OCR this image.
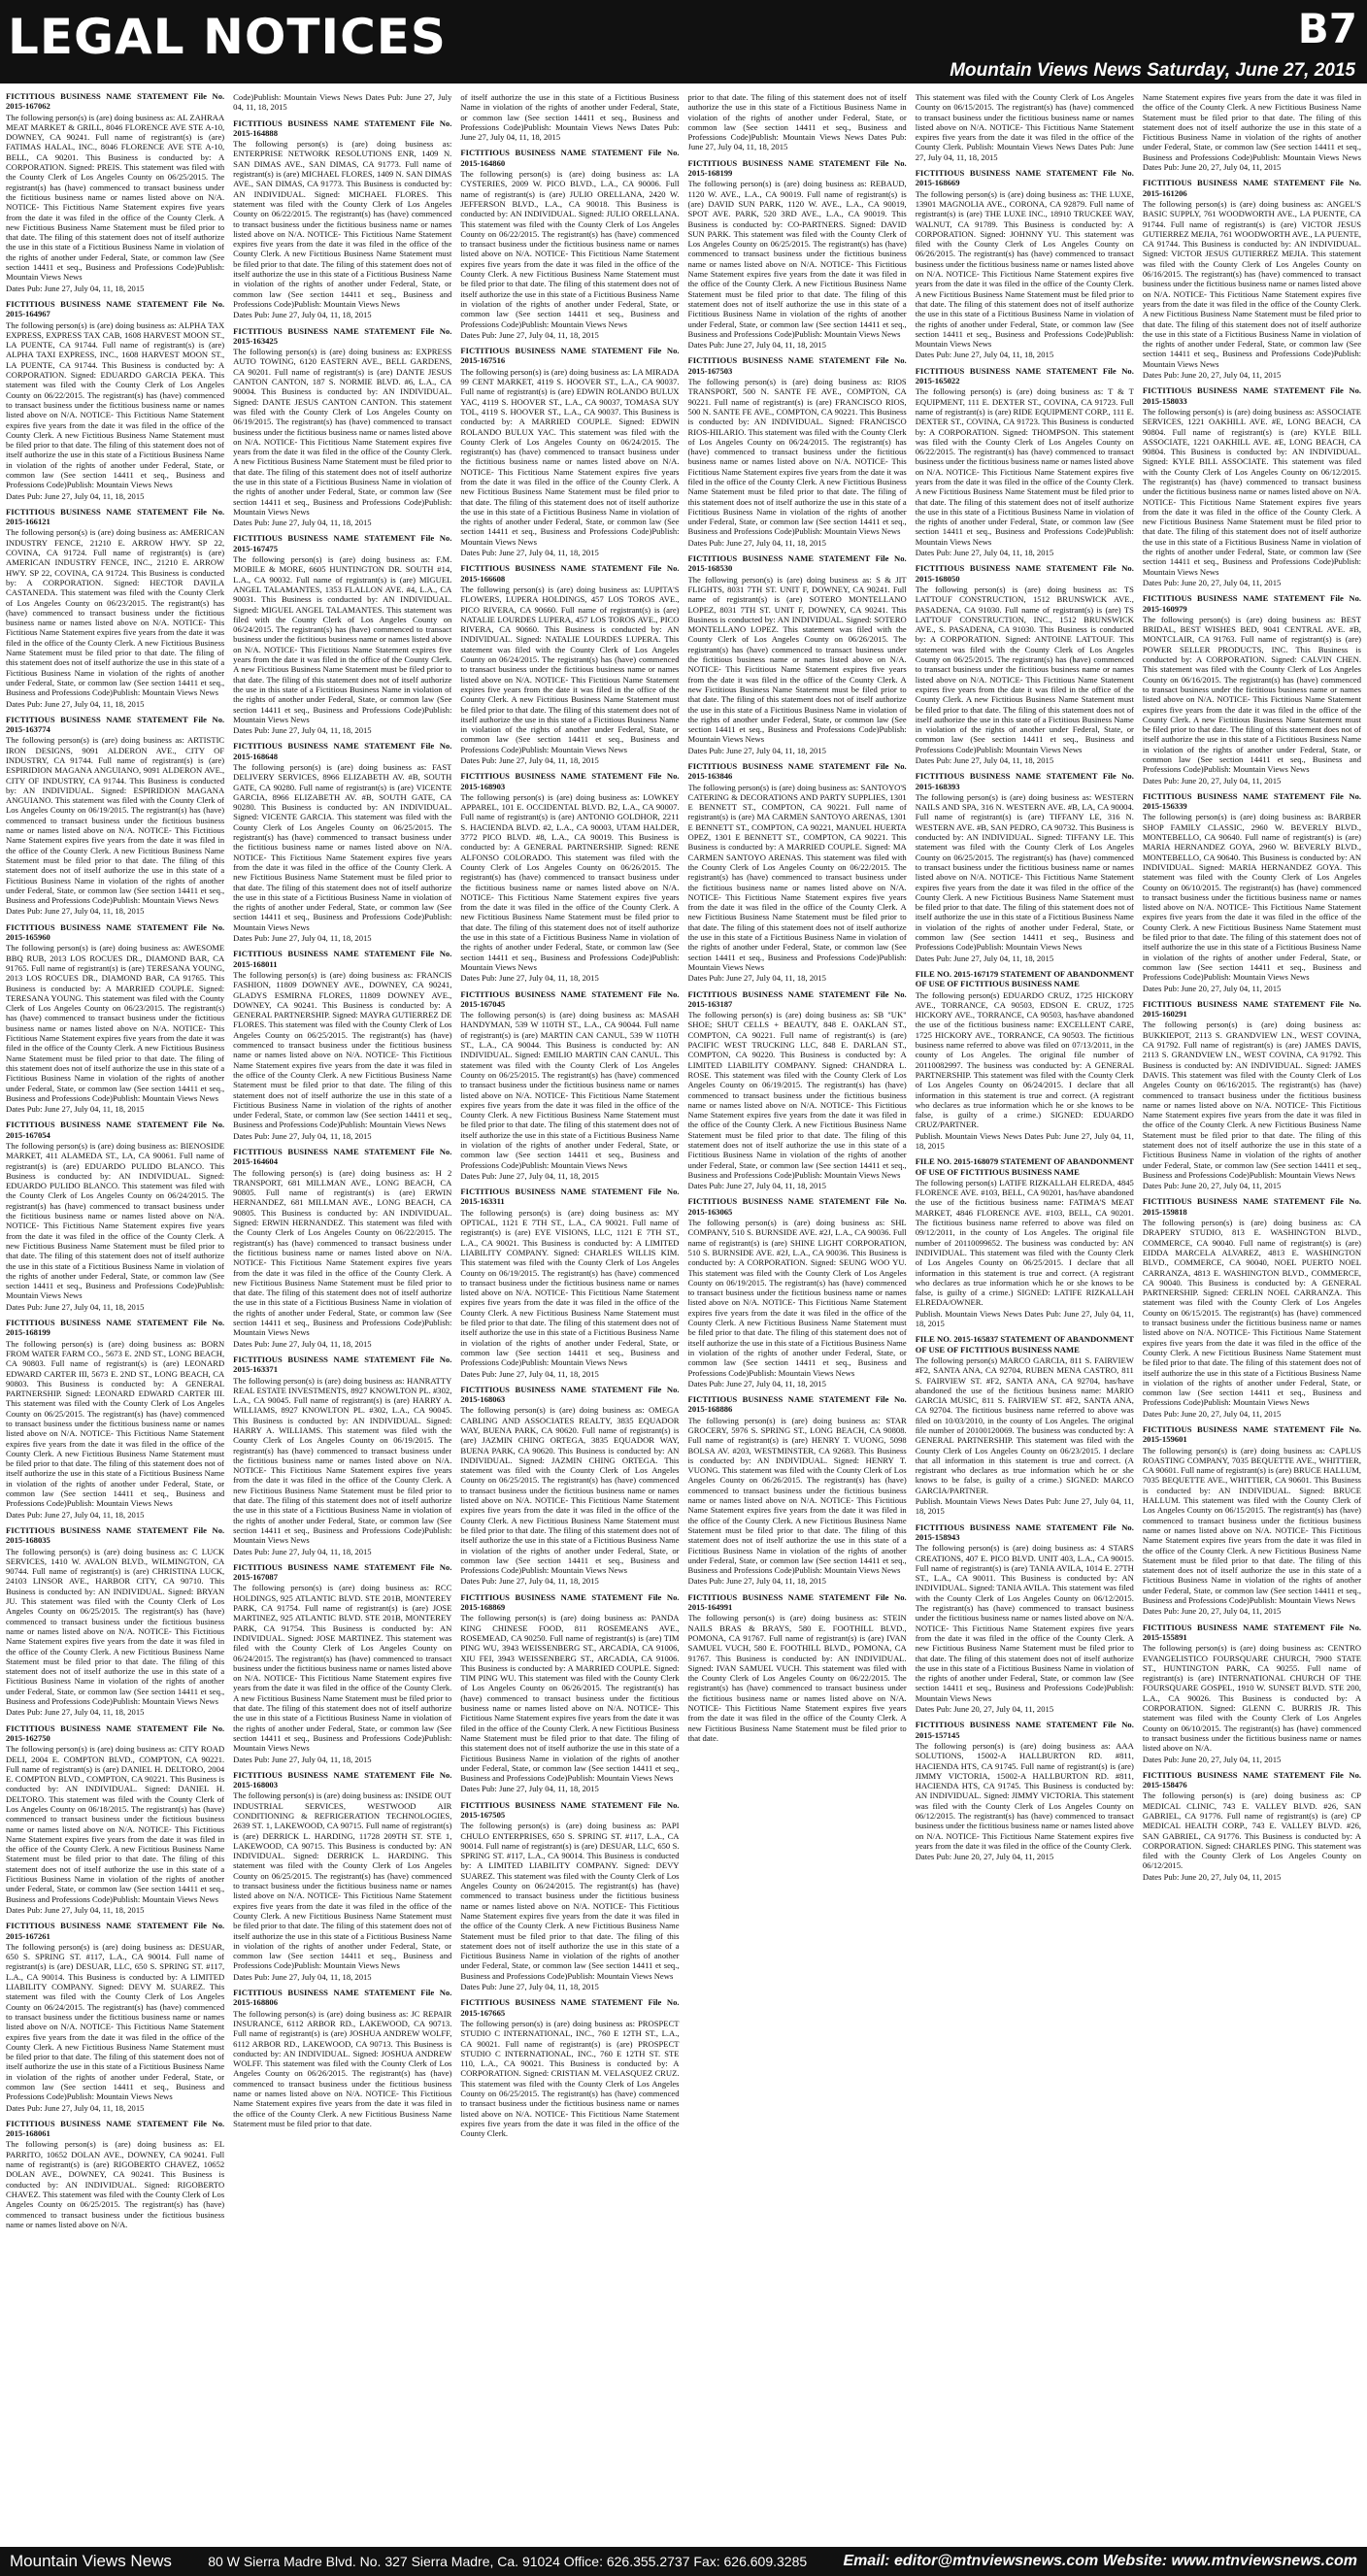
LEGAL NOTICES	B7
Mountain Views News Saturday, June 27, 2015

FICTITIOUS BUSINESS NAME STATEMENT File No. 2015-167062

The following person(s) is (are) doing business as: AL ZAHRAA MEAT MARKET & GRILL, 8046 FLORENCE AVE STE A-10, DOWNEY, CA 90241. Full name of registrant(s) is (are) FATIMAS HALAL, INC., 8046 FLORENCE AVE STE A-10, BELL, CA 90201. This Business is conducted by: A CORPORATION. Signed: PREIS. This statement was filed with the County Clerk of Los Angeles County on 06/25/2015. The registrant(s) has (have) commenced to transact business under the fictitious business name or names listed above on N/A. NOTICE- This Fictitious Name Statement expires five years from the date it was filed in the office of the County Clerk. A new Fictitious Business Name Statement must be filed prior to that date. The filing of this statement does not of itself authorize the use in this state of a Fictitious Business Name in violation of the rights of another under Federal, State, or common law (See section 14411 et seq., Business and Professions Code)Publish: Mountain Views News

Dates Pub: June 27, July 04, 11, 18, 2015

FICTITIOUS BUSINESS NAME STATEMENT File No. 2015-164967

The following person(s) is (are) doing business as: ALPHA TAX EXPRESS, EXPRESS TAX CAB, 1608 HARVEST MOON ST., LA PUENTE, CA 91744. Full name of registrant(s) is (are) ALPHA TAXI EXPRESS, INC., 1608 HARVEST MOON ST., LA PUENTE, CA 91744. This Business is conducted by: A CORPORATION. Signed: EDUARDO GARCIA PEKA. This statement was filed with the County Clerk of Los Angeles County on 06/22/2015. The registrant(s) has (have) commenced to transact business under the fictitious business name or names listed above on N/A. NOTICE- This Fictitious Name Statement expires five years from the date it was filed in the office of the County Clerk. A new Fictitious Business Name Statement must be filed prior to that date. The filing of this statement does not of itself authorize the use in this state of a Fictitious Business Name in violation of the rights of another under Federal, State, or common law (See section 14411 et seq., Business and Professions Code)Publish: Mountain Views News

Dates Pub: June 27, July 04, 11, 18, 2015

FICTITIOUS BUSINESS NAME STATEMENT File No. 2015-166121

The following person(s) is (are) doing business as: AMERICAN INDUSTRY FENCE, 21210 E. ARROW HWY. SP 22, COVINA, CA 91724. Full name of registrant(s) is (are) AMERICAN INDUSTRY FENCE, INC., 21210 E. ARROW HWY. SP 22, COVINA, CA 91724. This Business is conducted by: A CORPORATION. Signed: HECTOR DAVILA CASTANEDA. This statement was filed with the County Clerk of Los Angeles County on 06/23/2015. The registrant(s) has (have) commenced to transact business under the fictitious business name or names listed above on N/A. NOTICE- This Fictitious Name Statement expires five years from the date it was filed in the office of the County Clerk. A new Fictitious Business Name Statement must be filed prior to that date. The filing of this statement does not of itself authorize the use in this state of a Fictitious Business Name in violation of the rights of another under Federal, State, or common law (See section 14411 et seq., Business and Professions Code)Publish: Mountain Views News

Dates Pub: June 27, July 04, 11, 18, 2015

FICTITIOUS BUSINESS NAME STATEMENT File No. 2015-163774

The following person(s) is (are) doing business as: ARTISTIC IRON DESIGNS, 9091 ALDERON AVE., CITY OF INDUSTRY, CA 91744. Full name of registrant(s) is (are) ESPIRIDION MAGANA ANGUIANO, 9091 ALDERON AVE., CITY OF INDUSTRY, CA 91744. This Business is conducted by: AN INDIVIDUAL. Signed: ESPIRIDION MAGANA ANGUIANO. This statement was filed with the County Clerk of Los Angeles County on 06/19/2015. The registrant(s) has (have) commenced to transact business under the fictitious business name or names listed above on N/A. NOTICE- This Fictitious Name Statement expires five years from the date it was filed in the office of the County Clerk. A new Fictitious Business Name Statement must be filed prior to that date. The filing of this statement does not of itself authorize the use in this state of a Fictitious Business Name in violation of the rights of another under Federal, State, or common law (See section 14411 et seq., Business and Professions Code)Publish: Mountain Views News

Dates Pub: June 27, July 04, 11, 18, 2015

FICTITIOUS BUSINESS NAME STATEMENT File No. 2015-165960

The following person(s) is (are) doing business as: AWESOME BBQ RUB, 2013 LOS ROCUES DR., DIAMOND BAR, CA 91765. Full name of registrant(s) is (are) TERESANA YOUNG, 2013 LOS ROCUES DR., DIAMOND BAR, CA 91765. This Business is conducted by: A MARRIED COUPLE. Signed: TERESANA YOUNG. This statement was filed with the County Clerk of Los Angeles County on 06/23/2015. The registrant(s) has (have) commenced to transact business under the fictitious business name or names listed above on N/A. NOTICE- This Fictitious Name Statement expires five years from the date it was filed in the office of the County Clerk. A new Fictitious Business Name Statement must be filed prior to that date. The filing of this statement does not of itself authorize the use in this state of a Fictitious Business Name in violation of the rights of another under Federal, State, or common law (See section 14411 et seq., Business and Professions Code)Publish: Mountain Views News

Dates Pub: June 27, July 04, 11, 18, 2015

FICTITIOUS BUSINESS NAME STATEMENT File No. 2015-167054

The following person(s) is (are) doing business as: BIENOSIDE MARKET, 411 ALAMEDA ST., LA, CA 90061. Full name of registrant(s) is (are) EDUARDO PULIDO BLANCO. This Business is conducted by: AN INDIVIDUAL. Signed: EDUARDO PULIDO BLANCO. This statement was filed with the County Clerk of Los Angeles County on 06/24/2015. The registrant(s) has (have) commenced to transact business under the fictitious business name or names listed above on N/A. NOTICE- This Fictitious Name Statement expires five years from the date it was filed in the office of the County Clerk. A new Fictitious Business Name Statement must be filed prior to that date. The filing of this statement does not of itself authorize the use in this state of a Fictitious Business Name in violation of the rights of another under Federal, State, or common law (See section 14411 et seq., Business and Professions Code)Publish: Mountain Views News

Dates Pub: June 27, July 04, 11, 18, 2015

FICTITIOUS BUSINESS NAME STATEMENT File No. 2015-168199

The following person(s) is (are) doing business as: BORN FROM WATER FARM CO., 5673 E. 2ND ST., LONG BEACH, CA 90803. Full name of registrant(s) is (are) LEONARD EDWARD CARTER III, 5673 E. 2ND ST., LONG BEACH, CA 90803. This Business is conducted by: A GENERAL PARTNERSHIP. Signed: LEONARD EDWARD CARTER III. This statement was filed with the County Clerk of Los Angeles County on 06/25/2015. The registrant(s) has (have) commenced to transact business under the fictitious business name or names listed above on N/A. NOTICE- This Fictitious Name Statement expires five years from the date it was filed in the office of the County Clerk. A new Fictitious Business Name Statement must be filed prior to that date. The filing of this statement does not of itself authorize the use in this state of a Fictitious Business Name in violation of the rights of another under Federal, State, or common law (See section 14411 et seq., Business and Professions Code)Publish: Mountain Views News

Dates Pub: June 27, July 04, 11, 18, 2015

FICTITIOUS BUSINESS NAME STATEMENT File No. 2015-168035

The following person(s) is (are) doing business as: C LUCK SERVICES, 1410 W. AVALON BLVD., WILMINGTON, CA 90744. Full name of registrant(s) is (are) CHRISTINA LUCK, 24103 LINSOR AVE., HARBOR CITY, CA 90710. This Business is conducted by: AN INDIVIDUAL. Signed: BRYAN JU. This statement was filed with the County Clerk of Los Angeles County on 06/25/2015. The registrant(s) has (have) commenced to transact business under the fictitious business name or names listed above on N/A. NOTICE- This Fictitious Name Statement expires five years from the date it was filed in the office of the County Clerk. A new Fictitious Business Name Statement must be filed prior to that date. The filing of this statement does not of itself authorize the use in this state of a Fictitious Business Name in violation of the rights of another under Federal, State, or common law (See section 14411 et seq., Business and Professions Code)Publish: Mountain Views News

Dates Pub: June 27, July 04, 11, 18, 2015

FICTITIOUS BUSINESS NAME STATEMENT File No. 2015-162750

The following person(s) is (are) doing business as: CITY ROAD DELI, 2004 E. COMPTON BLVD., COMPTON, CA 90221. Full name of registrant(s) is (are) DANIEL H. DELTORO, 2004 E. COMPTON BLVD., COMPTON, CA 90221. This Business is conducted by: AN INDIVIDUAL. Signed: DANIEL H. DELTORO. This statement was filed with the County Clerk of Los Angeles County on 06/18/2015. The registrant(s) has (have) commenced to transact business under the fictitious business name or names listed above on N/A. NOTICE- This Fictitious Name Statement expires five years from the date it was filed in the office of the County Clerk. A new Fictitious Business Name Statement must be filed prior to that date. The filing of this statement does not of itself authorize the use in this state of a Fictitious Business Name in violation of the rights of another under Federal, State, or common law (See section 14411 et seq., Business and Professions Code)Publish: Mountain Views News

Dates Pub: June 27, July 04, 11, 18, 2015

FICTITIOUS BUSINESS NAME STATEMENT File No. 2015-167261

The following person(s) is (are) doing business as: DESUAR, 650 S. SPRING ST. #117, L.A., CA 90014. Full name of registrant(s) is (are) DESUAR, LLC, 650 S. SPRING ST. #117, L.A., CA 90014. This Business is conducted by: A LIMITED LIABILITY COMPANY. Signed: DEVY M. SUAREZ. This statement was filed with the County Clerk of Los Angeles County on 06/24/2015. The registrant(s) has (have) commenced to transact business under the fictitious business name or names listed above on N/A. NOTICE- This Fictitious Name Statement expires five years from the date it was filed in the office of the County Clerk. A new Fictitious Business Name Statement must be filed prior to that date. The filing of this statement does not of itself authorize the use in this state of a Fictitious Business Name in violation of the rights of another under Federal, State, or common law (See section 14411 et seq., Business and Professions Code)Publish: Mountain Views News

Dates Pub: June 27, July 04, 11, 18, 2015

FICTITIOUS BUSINESS NAME STATEMENT File No. 2015-168061

The following person(s) is (are) doing business as: EL PARRITO, 10652 DOLAN AVE., DOWNEY, CA 90241. Full name of registrant(s) is (are) RIGOBERTO CHAVEZ, 10652 DOLAN AVE., DOWNEY, CA 90241. This Business is conducted by: AN INDIVIDUAL. Signed: RIGOBERTO CHAVEZ. This statement was filed with the County Clerk of Los Angeles County on 06/25/2015. The registrant(s) has (have) commenced to transact business under the fictitious business name or names listed above on N/A.

Code)Publish: Mountain Views News Dates Pub: June 27, July 04, 11, 18, 2015

FICTITIOUS BUSINESS NAME STATEMENT File No. 2015-164888

The following person(s) is (are) doing business as: ENTERPRISE NETWORK RESOLUTIONS ENR, 1409 N. SAN DIMAS AVE., SAN DIMAS, CA 91773. Full name of registrant(s) is (are) MICHAEL FLORES, 1409 N. SAN DIMAS AVE., SAN DIMAS, CA 91773. This Business is conducted by: AN INDIVIDUAL. Signed: MICHAEL FLORES. This statement was filed with the County Clerk of Los Angeles County on 06/22/2015. The registrant(s) has (have) commenced to transact business under the fictitious business name or names listed above on N/A. NOTICE- This Fictitious Name Statement expires five years from the date it was filed in the office of the County Clerk. A new Fictitious Business Name Statement must be filed prior to that date. The filing of this statement does not of itself authorize the use in this state of a Fictitious Business Name in violation of the rights of another under Federal, State, or common law (See section 14411 et seq., Business and Professions Code)Publish: Mountain Views News

Dates Pub: June 27, July 04, 11, 18, 2015

FICTITIOUS BUSINESS NAME STATEMENT File No. 2015-163425

The following person(s) is (are) doing business as: EXPRESS AUTO TOWING, 6120 EASTERN AVE., BELL GARDENS, CA 90201. Full name of registrant(s) is (are) DANTE JESUS CANTON CANTON, 187 S. NORMIE BLVD. #6, L.A., CA 90004. This Business is conducted by: AN INDIVIDUAL. Signed: DANTE JESUS CANTON CANTON. This statement was filed with the County Clerk of Los Angeles County on 06/19/2015. The registrant(s) has (have) commenced to transact business under the fictitious business name or names listed above on N/A. NOTICE- This Fictitious Name Statement expires five years from the date it was filed in the office of the County Clerk. A new Fictitious Business Name Statement must be filed prior to that date. The filing of this statement does not of itself authorize the use in this state of a Fictitious Business Name in violation of the rights of another under Federal, State, or common law (See section 14411 et seq., Business and Professions Code)Publish: Mountain Views News

Dates Pub: June 27, July 04, 11, 18, 2015

FICTITIOUS BUSINESS NAME STATEMENT File No. 2015-167475

The following person(s) is (are) doing business as: F.M. MOBILE & MORE, 6605 HUNTINGTON DR. SOUTH #14, L.A., CA 90032. Full name of registrant(s) is (are) MIGUEL ANGEL TALAMANTES, 1353 FLALLON AVE. #4, L.A., CA 90031. This Business is conducted by: AN INDIVIDUAL. Signed: MIGUEL ANGEL TALAMANTES. This statement was filed with the County Clerk of Los Angeles County on 06/24/2015. The registrant(s) has (have) commenced to transact business under the fictitious business name or names listed above on N/A. NOTICE- This Fictitious Name Statement expires five years from the date it was filed in the office of the County Clerk. A new Fictitious Business Name Statement must be filed prior to that date. The filing of this statement does not of itself authorize the use in this state of a Fictitious Business Name in violation of the rights of another under Federal, State, or common law (See section 14411 et seq., Business and Professions Code)Publish: Mountain Views News

Dates Pub: June 27, July 04, 11, 18, 2015

FICTITIOUS BUSINESS NAME STATEMENT File No. 2015-168648

The following person(s) is (are) doing business as: FAST DELIVERY SERVICES, 8966 ELIZABETH AV. #B, SOUTH GATE, CA 90280. Full name of registrant(s) is (are) VICENTE GARCIA, 8966 ELIZABETH AV. #B, SOUTH GATE, CA 90280. This Business is conducted by: AN INDIVIDUAL. Signed: VICENTE GARCIA. This statement was filed with the County Clerk of Los Angeles County on 06/25/2015. The registrant(s) has (have) commenced to transact business under the fictitious business name or names listed above on N/A. NOTICE- This Fictitious Name Statement expires five years from the date it was filed in the office of the County Clerk. A new Fictitious Business Name Statement must be filed prior to that date. The filing of this statement does not of itself authorize the use in this state of a Fictitious Business Name in violation of the rights of another under Federal, State, or common law (See section 14411 et seq., Business and Professions Code)Publish: Mountain Views News

Dates Pub: June 27, July 04, 11, 18, 2015

FICTITIOUS BUSINESS NAME STATEMENT File No. 2015-168011

The following person(s) is (are) doing business as: FRANCIS FASHION, 11809 DOWNEY AVE., DOWNEY, CA 90241, GLADYS ESMIRNA FLORES, 11809 DOWNEY AVE., DOWNEY, CA 90241. This Business is conducted by: A GENERAL PARTNERSHIP. Signed: MAYRA GUTIERREZ DE FLORES. This statement was filed with the County Clerk of Los Angeles County on 06/25/2015. The registrant(s) has (have) commenced to transact business under the fictitious business name or names listed above on N/A. NOTICE- This Fictitious Name Statement expires five years from the date it was filed in the office of the County Clerk. A new Fictitious Business Name Statement must be filed prior to that date. The filing of this statement does not of itself authorize the use in this state of a Fictitious Business Name in violation of the rights of another under Federal, State, or common law (See section 14411 et seq., Business and Professions Code)Publish: Mountain Views News

Dates Pub: June 27, July 04, 11, 18, 2015

FICTITIOUS BUSINESS NAME STATEMENT File No. 2015-164604

The following person(s) is (are) doing business as: H 2 TRANSPORT, 681 MILLMAN AVE., LONG BEACH, CA 90805. Full name of registrant(s) is (are) ERWIN HERNANDEZ, 681 MILLMAN AVE., LONG BEACH, CA 90805. This Business is conducted by: AN INDIVIDUAL. Signed: ERWIN HERNANDEZ. This statement was filed with the County Clerk of Los Angeles County on 06/22/2015. The registrant(s) has (have) commenced to transact business under the fictitious business name or names listed above on N/A. NOTICE- This Fictitious Name Statement expires five years from the date it was filed in the office of the County Clerk. A new Fictitious Business Name Statement must be filed prior to that date. The filing of this statement does not of itself authorize the use in this state of a Fictitious Business Name in violation of the rights of another under Federal, State, or common law (See section 14411 et seq., Business and Professions Code)Publish: Mountain Views News

Dates Pub: June 27, July 04, 11, 18, 2015

FICTITIOUS BUSINESS NAME STATEMENT File No. 2015-163371

The following person(s) is (are) doing business as: HANRATTY REAL ESTATE INVESTMENTS, 8927 KNOWLTON PL. #302, L.A., CA 90045. Full name of registrant(s) is (are) HARRY A. WILLIAMS, 8927 KNOWLTON PL. #302, L.A., CA 90045. This Business is conducted by: AN INDIVIDUAL. Signed: HARRY A. WILLIAMS. This statement was filed with the County Clerk of Los Angeles County on 06/19/2015. The registrant(s) has (have) commenced to transact business under the fictitious business name or names listed above on N/A. NOTICE- This Fictitious Name Statement expires five years from the date it was filed in the office of the County Clerk. A new Fictitious Business Name Statement must be filed prior to that date. The filing of this statement does not of itself authorize the use in this state of a Fictitious Business Name in violation of the rights of another under Federal, State, or common law (See section 14411 et seq., Business and Professions Code)Publish: Mountain Views News

Dates Pub: June 27, July 04, 11, 18, 2015

FICTITIOUS BUSINESS NAME STATEMENT File No. 2015-167087

The following person(s) is (are) doing business as: RCC HOLDINGS, 925 ATLANTIC BLVD. STE 201B, MONTEREY PARK, CA 91754. Full name of registrant(s) is (are) JOSE MARTINEZ, 925 ATLANTIC BLVD. STE 201B, MONTEREY PARK, CA 91754. This Business is conducted by: AN INDIVIDUAL. Signed: JOSE MARTINEZ. This statement was filed with the County Clerk of Los Angeles County on 06/24/2015. The registrant(s) has (have) commenced to transact business under the fictitious business name or names listed above on N/A. NOTICE- This Fictitious Name Statement expires five years from the date it was filed in the office of the County Clerk. A new Fictitious Business Name Statement must be filed prior to that date. The filing of this statement does not of itself authorize the use in this state of a Fictitious Business Name in violation of the rights of another under Federal, State, or common law (See section 14411 et seq., Business and Professions Code)Publish: Mountain Views News

Dates Pub: June 27, July 04, 11, 18, 2015

FICTITIOUS BUSINESS NAME STATEMENT File No. 2015-168003

The following person(s) is (are) doing business as: INSIDE OUT INDUSTRIAL SERVICES, WESTWOOD AIR CONDITIONING & REFRIGERATION TECHNOLOGIES, 2639 ST. 1, LAKEWOOD, CA 90715. Full name of registrant(s) is (are) DERRICK L. HARDING, 11728 209TH ST. STE 1, LAKEWOOD, CA 90715. This Business is conducted by: AN INDIVIDUAL. Signed: DERRICK L. HARDING. This statement was filed with the County Clerk of Los Angeles County on 06/25/2015. The registrant(s) has (have) commenced to transact business under the fictitious business name or names listed above on N/A. NOTICE- This Fictitious Name Statement expires five years from the date it was filed in the office of the County Clerk. A new Fictitious Business Name Statement must be filed prior to that date. The filing of this statement does not of itself authorize the use in this state of a Fictitious Business Name in violation of the rights of another under Federal, State, or common law (See section 14411 et seq., Business and Professions Code)Publish: Mountain Views News

Dates Pub: June 27, July 04, 11, 18, 2015

FICTITIOUS BUSINESS NAME STATEMENT File No. 2015-168806

The following person(s) is (are) doing business as: JC REPAIR INSURANCE, 6112 ARBOR RD., LAKEWOOD, CA 90713. Full name of registrant(s) is (are) JOSHUA ANDREW WOLFF, 6112 ARBOR RD., LAKEWOOD, CA 90713. This Business is conducted by: AN INDIVIDUAL. Signed: JOSHUA ANDREW WOLFF. This statement was filed with the County Clerk of Los Angeles County on 06/26/2015. The registrant(s) has (have) commenced to transact business under the fictitious business name or names listed above on N/A. NOTICE- This Fictitious Name Statement expires five years from the date it was filed in the office of the County Clerk. A new Fictitious Business Name Statement must be filed prior to that date.

of itself authorize the use in this state of a Fictitious Business Name in violation of the rights of another under Federal, State, or common law (See section 14411 et seq., Business and Professions Code)Publish: Mountain Views News Dates Pub: June 27, July 04, 11, 18, 2015

FICTITIOUS BUSINESS NAME STATEMENT File No. 2015-164860

The following person(s) is (are) doing business as: LA CYSTERIES, 2009 W. PICO BLVD., L.A., CA 90006. Full name of registrant(s) is (are) JULIO ORELLANA, 2420 W. JEFFERSON BLVD., L.A., CA 90018. This Business is conducted by: AN INDIVIDUAL. Signed: JULIO ORELLANA. This statement was filed with the County Clerk of Los Angeles County on 06/22/2015. The registrant(s) has (have) commenced to transact business under the fictitious business name or names listed above on N/A. NOTICE- This Fictitious Name Statement expires five years from the date it was filed in the office of the County Clerk. A new Fictitious Business Name Statement must be filed prior to that date. The filing of this statement does not of itself authorize the use in this state of a Fictitious Business Name in violation of the rights of another under Federal, State, or common law (See section 14411 et seq., Business and Professions Code)Publish: Mountain Views News

Dates Pub: June 27, July 04, 11, 18, 2015

FICTITIOUS BUSINESS NAME STATEMENT File No. 2015-167516

The following person(s) is (are) doing business as: LA MIRADA 99 CENT MARKET, 4119 S. HOOVER ST., L.A., CA 90037. Full name of registrant(s) is (are) EDWIN ROLANDO BULUX YAC, 4119 S. HOOVER ST., L.A., CA 90037, TOMASA SUY TOL, 4119 S. HOOVER ST., L.A., CA 90037. This Business is conducted by: A MARRIED COUPLE. Signed: EDWIN ROLANDO BULUX YAC. This statement was filed with the County Clerk of Los Angeles County on 06/24/2015. The registrant(s) has (have) commenced to transact business under the fictitious business name or names listed above on N/A. NOTICE- This Fictitious Name Statement expires five years from the date it was filed in the office of the County Clerk. A new Fictitious Business Name Statement must be filed prior to that date. The filing of this statement does not of itself authorize the use in this state of a Fictitious Business Name in violation of the rights of another under Federal, State, or common law (See section 14411 et seq., Business and Professions Code)Publish: Mountain Views News

Dates Pub: June 27, July 04, 11, 18, 2015

FICTITIOUS BUSINESS NAME STATEMENT File No. 2015-166608

The following person(s) is (are) doing business as: LUPITA'S FLOWERS, LUPERA HOLDINGS, 457 LOS TOROS AVE., PICO RIVERA, CA 90660. Full name of registrant(s) is (are) NATALIE LOURDES LUPERA, 457 LOS TOROS AVE., PICO RIVERA, CA 90660. This Business is conducted by: AN INDIVIDUAL. Signed: NATALIE LOURDES LUPERA. This statement was filed with the County Clerk of Los Angeles County on 06/24/2015. The registrant(s) has (have) commenced to transact business under the fictitious business name or names listed above on N/A. NOTICE- This Fictitious Name Statement expires five years from the date it was filed in the office of the County Clerk. A new Fictitious Business Name Statement must be filed prior to that date. The filing of this statement does not of itself authorize the use in this state of a Fictitious Business Name in violation of the rights of another under Federal, State, or common law (See section 14411 et seq., Business and Professions Code)Publish: Mountain Views News

Dates Pub: June 27, July 04, 11, 18, 2015

FICTITIOUS BUSINESS NAME STATEMENT File No. 2015-168903

The following person(s) is (are) doing business as: LOWKEY APPAREL, 101 E. OCCIDENTAL BLVD. B2, L.A., CA 90007. Full name of registrant(s) is (are) ANTONIO GOLDHOR, 2211 S. HACIENDA BLVD. #2, L.A., CA 90003, UTAM HALDER, 3772 PICO BLVD. #8, L.A., CA 90019. This Business is conducted by: A GENERAL PARTNERSHIP. Signed: RENE ALFONSO COLORADO. This statement was filed with the County Clerk of Los Angeles County on 06/26/2015. The registrant(s) has (have) commenced to transact business under the fictitious business name or names listed above on N/A. NOTICE- This Fictitious Name Statement expires five years from the date it was filed in the office of the County Clerk. A new Fictitious Business Name Statement must be filed prior to that date. The filing of this statement does not of itself authorize the use in this state of a Fictitious Business Name in violation of the rights of another under Federal, State, or common law (See section 14411 et seq., Business and Professions Code)Publish: Mountain Views News

Dates Pub: June 27, July 04, 11, 18, 2015

FICTITIOUS BUSINESS NAME STATEMENT File No. 2015-167045

The following person(s) is (are) doing business as: MASAH HANDYMAN, 539 W 110TH ST., L.A., CA 90044. Full name of registrant(s) is (are) MARTIN CAN CANUL, 539 W 110TH ST., L.A., CA 90044. This Business is conducted by: AN INDIVIDUAL. Signed: EMILIO MARTIN CAN CANUL. This statement was filed with the County Clerk of Los Angeles County on 06/25/2015. The registrant(s) has (have) commenced to transact business under the fictitious business name or names listed above on N/A. NOTICE- This Fictitious Name Statement expires five years from the date it was filed in the office of the County Clerk. A new Fictitious Business Name Statement must be filed prior to that date. The filing of this statement does not of itself authorize the use in this state of a Fictitious Business Name in violation of the rights of another under Federal, State, or common law (See section 14411 et seq., Business and Professions Code)Publish: Mountain Views News

Dates Pub: June 27, July 04, 11, 18, 2015

FICTITIOUS BUSINESS NAME STATEMENT File No. 2015-163311

The following person(s) is (are) doing business as: MY OPTICAL, 1121 E 7TH ST., L.A., CA 90021. Full name of registrant(s) is (are) EYE VISIONS, LLC, 1121 E 7TH ST., L.A., CA 90021. This Business is conducted by: A LIMITED LIABILITY COMPANY. Signed: CHARLES WILLIS KIM. This statement was filed with the County Clerk of Los Angeles County on 06/19/2015. The registrant(s) has (have) commenced to transact business under the fictitious business name or names listed above on N/A. NOTICE- This Fictitious Name Statement expires five years from the date it was filed in the office of the County Clerk. A new Fictitious Business Name Statement must be filed prior to that date. The filing of this statement does not of itself authorize the use in this state of a Fictitious Business Name in violation of the rights of another under Federal, State, or common law (See section 14411 et seq., Business and Professions Code)Publish: Mountain Views News

Dates Pub: June 27, July 04, 11, 18, 2015

FICTITIOUS BUSINESS NAME STATEMENT File No. 2015-168063

The following person(s) is (are) doing business as: OMEGA CABLING AND ASSOCIATES REALTY, 3835 EQUADOR WAY, BUENA PARK, CA 90620. Full name of registrant(s) is (are) JAZMIN CHING ORTEGA, 3835 EQUADOR WAY, BUENA PARK, CA 90620. This Business is conducted by: AN INDIVIDUAL. Signed: JAZMIN CHING ORTEGA. This statement was filed with the County Clerk of Los Angeles County on 06/25/2015. The registrant(s) has (have) commenced to transact business under the fictitious business name or names listed above on N/A. NOTICE- This Fictitious Name Statement expires five years from the date it was filed in the office of the County Clerk. A new Fictitious Business Name Statement must be filed prior to that date. The filing of this statement does not of itself authorize the use in this state of a Fictitious Business Name in violation of the rights of another under Federal, State, or common law (See section 14411 et seq., Business and Professions Code)Publish: Mountain Views News

Dates Pub: June 27, July 04, 11, 18, 2015

FICTITIOUS BUSINESS NAME STATEMENT File No. 2015-168869

The following person(s) is (are) doing business as: PANDA KING CHINESE FOOD, 811 ROSEMEANS AVE., ROSEMEAD, CA 90250. Full name of registrant(s) is (are) TIM PING WU, 3943 WEISSENBERG ST., ARCADIA, CA 91006, XIU FEI, 3943 WEISSENBERG ST., ARCADIA, CA 91006. This Business is conducted by: A MARRIED COUPLE. Signed: TIM PING WU. This statement was filed with the County Clerk of Los Angeles County on 06/26/2015. The registrant(s) has (have) commenced to transact business under the fictitious business name or names listed above on N/A. NOTICE- This Fictitious Name Statement expires five years from the date it was filed in the office of the County Clerk. A new Fictitious Business Name Statement must be filed prior to that date. The filing of this statement does not of itself authorize the use in this state of a Fictitious Business Name in violation of the rights of another under Federal, State, or common law (See section 14411 et seq., Business and Professions Code)Publish: Mountain Views News

Dates Pub: June 27, July 04, 11, 18, 2015

FICTITIOUS BUSINESS NAME STATEMENT File No. 2015-167505

The following person(s) is (are) doing business as: PAPI CHULO ENTERPRISES, 650 S. SPRING ST. #117, L.A., CA 90014. Full name of registrant(s) is (are) DESUAR, LLC, 650 S. SPRING ST. #117, L.A., CA 90014. This Business is conducted by: A LIMITED LIABILITY COMPANY. Signed: DEVY SUAREZ. This statement was filed with the County Clerk of Los Angeles County on 06/24/2015. The registrant(s) has (have) commenced to transact business under the fictitious business name or names listed above on N/A. NOTICE- This Fictitious Name Statement expires five years from the date it was filed in the office of the County Clerk. A new Fictitious Business Name Statement must be filed prior to that date. The filing of this statement does not of itself authorize the use in this state of a Fictitious Business Name in violation of the rights of another under Federal, State, or common law (See section 14411 et seq., Business and Professions Code)Publish: Mountain Views News

Dates Pub: June 27, July 04, 11, 18, 2015

FICTITIOUS BUSINESS NAME STATEMENT File No. 2015-167665

The following person(s) is (are) doing business as: PROSPECT STUDIO C INTERNATIONAL, INC., 760 E 12TH ST., L.A., CA 90021. Full name of registrant(s) is (are) PROSPECT STUDIO C INTERNATIONAL, INC., 760 E 12TH ST. STE 110, L.A., CA 90021. This Business is conducted by: A CORPORATION. Signed: CRISTIAN M. VELASQUEZ CRUZ. This statement was filed with the County Clerk of Los Angeles County on 06/25/2015. The registrant(s) has (have) commenced to transact business under the fictitious business name or names listed above on N/A. NOTICE- This Fictitious Name Statement expires five years from the date it was filed in the office of the County Clerk.

prior to that date. The filing of this statement does not of itself authorize the use in this state of a Fictitious Business Name in violation of the rights of another under Federal, State, or common law (See section 14411 et seq., Business and Professions Code)Publish: Mountain Views News Dates Pub: June 27, July 04, 11, 18, 2015

FICTITIOUS BUSINESS NAME STATEMENT File No. 2015-168199

The following person(s) is (are) doing business as: REBAUD, 1120 W. AVE., L.A., CA 90019. Full name of registrant(s) is (are) DAVID SUN PARK, 1120 W. AVE., L.A., CA 90019, SPOT AVE. PARK, 520 3RD AVE., L.A., CA 90019. This Business is conducted by: CO-PARTNERS. Signed: DAVID SUN PARK. This statement was filed with the County Clerk of Los Angeles County on 06/25/2015. The registrant(s) has (have) commenced to transact business under the fictitious business name or names listed above on N/A. NOTICE- This Fictitious Name Statement expires five years from the date it was filed in the office of the County Clerk. A new Fictitious Business Name Statement must be filed prior to that date. The filing of this statement does not of itself authorize the use in this state of a Fictitious Business Name in violation of the rights of another under Federal, State, or common law (See section 14411 et seq., Business and Professions Code)Publish: Mountain Views News

Dates Pub: June 27, July 04, 11, 18, 2015

FICTITIOUS BUSINESS NAME STATEMENT File No. 2015-167503

The following person(s) is (are) doing business as: RIOS TRANSPORT, 500 N. SANTE FE AVE., COMPTON, CA 90221. Full name of registrant(s) is (are) FRANCISCO RIOS, 500 N. SANTE FE AVE., COMPTON, CA 90221. This Business is conducted by: AN INDIVIDUAL. Signed: FRANCISCO RIOS-HILARIO. This statement was filed with the County Clerk of Los Angeles County on 06/24/2015. The registrant(s) has (have) commenced to transact business under the fictitious business name or names listed above on N/A. NOTICE- This Fictitious Name Statement expires five years from the date it was filed in the office of the County Clerk. A new Fictitious Business Name Statement must be filed prior to that date. The filing of this statement does not of itself authorize the use in this state of a Fictitious Business Name in violation of the rights of another under Federal, State, or common law (See section 14411 et seq., Business and Professions Code)Publish: Mountain Views News

Dates Pub: June 27, July 04, 11, 18, 2015

FICTITIOUS BUSINESS NAME STATEMENT File No. 2015-168530

The following person(s) is (are) doing business as: S & JIT FLIGHTS, 8031 7TH ST. UNIT F, DOWNEY, CA 90241. Full name of registrant(s) is (are) SOTERO MONTELLANO LOPEZ, 8031 7TH ST. UNIT F, DOWNEY, CA 90241. This Business is conducted by: AN INDIVIDUAL. Signed: SOTERO MONTELLANO LOPEZ. This statement was filed with the County Clerk of Los Angeles County on 06/26/2015. The registrant(s) has (have) commenced to transact business under the fictitious business name or names listed above on N/A. NOTICE- This Fictitious Name Statement expires five years from the date it was filed in the office of the County Clerk. A new Fictitious Business Name Statement must be filed prior to that date. The filing of this statement does not of itself authorize the use in this state of a Fictitious Business Name in violation of the rights of another under Federal, State, or common law (See section 14411 et seq., Business and Professions Code)Publish: Mountain Views News

Dates Pub: June 27, July 04, 11, 18, 2015

FICTITIOUS BUSINESS NAME STATEMENT File No. 2015-163846

The following person(s) is (are) doing business as: SANTOYO'S CATERING & DECORATIONS AND PARTY SUPPLIES, 1301 E BENNETT ST., COMPTON, CA 90221. Full name of registrant(s) is (are) MA CARMEN SANTOYO ARENAS, 1301 E BENNETT ST., COMPTON, CA 90221, MANUEL HUERTA OPEZ, 1301 E BENNETT ST., COMPTON, CA 90221. This Business is conducted by: A MARRIED COUPLE. Signed: MA CARMEN SANTOYO ARENAS. This statement was filed with the County Clerk of Los Angeles County on 06/22/2015. The registrant(s) has (have) commenced to transact business under the fictitious business name or names listed above on N/A. NOTICE- This Fictitious Name Statement expires five years from the date it was filed in the office of the County Clerk. A new Fictitious Business Name Statement must be filed prior to that date. The filing of this statement does not of itself authorize the use in this state of a Fictitious Business Name in violation of the rights of another under Federal, State, or common law (See section 14411 et seq., Business and Professions Code)Publish: Mountain Views News

Dates Pub: June 27, July 04, 11, 18, 2015

FICTITIOUS BUSINESS NAME STATEMENT File No. 2015-163187

The following person(s) is (are) doing business as: SB "UK" SHOE; SHUT CELLS + BEAUTY, 848 E. OAKLAN ST., COMPTON, CA 90221. Full name of registrant(s) is (are) PACIFIC WEST TRUCKING LLC, 848 E. DARLAN ST., COMPTON, CA 90220. This Business is conducted by: A LIMITED LIABILITY COMPANY. Signed: CHANDRA L. ROSE. This statement was filed with the County Clerk of Los Angeles County on 06/19/2015. The registrant(s) has (have) commenced to transact business under the fictitious business name or names listed above on N/A. NOTICE- This Fictitious Name Statement expires five years from the date it was filed in the office of the County Clerk. A new Fictitious Business Name Statement must be filed prior to that date. The filing of this statement does not of itself authorize the use in this state of a Fictitious Business Name in violation of the rights of another under Federal, State, or common law (See section 14411 et seq., Business and Professions Code)Publish: Mountain Views News

Dates Pub: June 27, July 04, 11, 18, 2015

FICTITIOUS BUSINESS NAME STATEMENT File No. 2015-163065

The following person(s) is (are) doing business as: SHL COMPANY, 510 S. BURNSIDE AVE. #2J, L.A., CA 90036. Full name of registrant(s) is (are) SHINE LIGHT CORPORATION, 510 S. BURNSIDE AVE. #2J, L.A., CA 90036. This Business is conducted by: A CORPORATION. Signed: SEUNG WOO YU. This statement was filed with the County Clerk of Los Angeles County on 06/19/2015. The registrant(s) has (have) commenced to transact business under the fictitious business name or names listed above on N/A. NOTICE- This Fictitious Name Statement expires five years from the date it was filed in the office of the County Clerk. A new Fictitious Business Name Statement must be filed prior to that date. The filing of this statement does not of itself authorize the use in this state of a Fictitious Business Name in violation of the rights of another under Federal, State, or common law (See section 14411 et seq., Business and Professions Code)Publish: Mountain Views News

Dates Pub: June 27, July 04, 11, 18, 2015

FICTITIOUS BUSINESS NAME STATEMENT File No. 2015-168886

The following person(s) is (are) doing business as: STAR GROCERY, 5976 S. SPRING ST., LONG BEACH, CA 90808. Full name of registrant(s) is (are) HENRY T. VUONG, 5098 BOLSA AV. #203, WESTMINSTER, CA 92683. This Business is conducted by: AN INDIVIDUAL. Signed: HENRY T. VUONG. This statement was filed with the County Clerk of Los Angeles County on 06/26/2015. The registrant(s) has (have) commenced to transact business under the fictitious business name or names listed above on N/A. NOTICE- This Fictitious Name Statement expires five years from the date it was filed in the office of the County Clerk. A new Fictitious Business Name Statement must be filed prior to that date. The filing of this statement does not of itself authorize the use in this state of a Fictitious Business Name in violation of the rights of another under Federal, State, or common law (See section 14411 et seq., Business and Professions Code)Publish: Mountain Views News

Dates Pub: June 27, July 04, 11, 18, 2015

FICTITIOUS BUSINESS NAME STATEMENT File No. 2015-164991

The following person(s) is (are) doing business as: STEIN NAILS BRAS & BRAYS, 580 E. FOOTHILL BLVD., POMONA, CA 91767. Full name of registrant(s) is (are) IVAN SAMUEL VUCH, 580 E. FOOTHILL BLVD., POMONA, CA 91767. This Business is conducted by: AN INDIVIDUAL. Signed: IVAN SAMUEL VUCH. This statement was filed with the County Clerk of Los Angeles County on 06/22/2015. The registrant(s) has (have) commenced to transact business under the fictitious business name or names listed above on N/A. NOTICE- This Fictitious Name Statement expires five years from the date it was filed in the office of the County Clerk. A new Fictitious Business Name Statement must be filed prior to that date.

This statement was filed with the County Clerk of Los Angeles County on 06/15/2015. The registrant(s) has (have) commenced to transact business under the fictitious business name or names listed above on N/A. NOTICE- This Fictitious Name Statement expires five years from the date it was filed in the office of the County Clerk. Publish: Mountain Views News Dates Pub: June 27, July 04, 11, 18, 2015

FICTITIOUS BUSINESS NAME STATEMENT File No. 2015-168669

The following person(s) is (are) doing business as: THE LUXE, 13901 MAGNOLIA AVE., CORONA, CA 92879. Full name of registrant(s) is (are) THE LUXE INC., 18910 TRUCKEE WAY, WALNUT, CA 91789. This Business is conducted by: A CORPORATION. Signed: JOHNNY YU. This statement was filed with the County Clerk of Los Angeles County on 06/26/2015. The registrant(s) has (have) commenced to transact business under the fictitious business name or names listed above on N/A. NOTICE- This Fictitious Name Statement expires five years from the date it was filed in the office of the County Clerk. A new Fictitious Business Name Statement must be filed prior to that date. The filing of this statement does not of itself authorize the use in this state of a Fictitious Business Name in violation of the rights of another under Federal, State, or common law (See section 14411 et seq., Business and Professions Code)Publish: Mountain Views News

Dates Pub: June 27, July 04, 11, 18, 2015

FICTITIOUS BUSINESS NAME STATEMENT File No. 2015-165022

The following person(s) is (are) doing business as: T & T EQUIPMENT, 111 E. DEXTER ST., COVINA, CA 91723. Full name of registrant(s) is (are) RIDE EQUIPMENT CORP., 111 E. DEXTER ST., COVINA, CA 91723. This Business is conducted by: A CORPORATION. Signed: THOMPSON. This statement was filed with the County Clerk of Los Angeles County on 06/22/2015. The registrant(s) has (have) commenced to transact business under the fictitious business name or names listed above on N/A. NOTICE- This Fictitious Name Statement expires five years from the date it was filed in the office of the County Clerk. A new Fictitious Business Name Statement must be filed prior to that date. The filing of this statement does not of itself authorize the use in this state of a Fictitious Business Name in violation of the rights of another under Federal, State, or common law (See section 14411 et seq., Business and Professions Code)Publish: Mountain Views News

Dates Pub: June 27, July 04, 11, 18, 2015

FICTITIOUS BUSINESS NAME STATEMENT File No. 2015-168050

The following person(s) is (are) doing business as: TS LATTOUF CONSTRUCTION, 1512 BRUNSWICK AVE., PASADENA, CA 91030. Full name of registrant(s) is (are) TS LATTOUF CONSTRUCTION, INC., 1512 BRUNSWICK AVE., S. PASADENA, CA 91030. This Business is conducted by: A CORPORATION. Signed: ANTOINE LATTOUF. This statement was filed with the County Clerk of Los Angeles County on 06/25/2015. The registrant(s) has (have) commenced to transact business under the fictitious business name or names listed above on N/A. NOTICE- This Fictitious Name Statement expires five years from the date it was filed in the office of the County Clerk. A new Fictitious Business Name Statement must be filed prior to that date. The filing of this statement does not of itself authorize the use in this state of a Fictitious Business Name in violation of the rights of another under Federal, State, or common law (See section 14411 et seq., Business and Professions Code)Publish: Mountain Views News

Dates Pub: June 27, July 04, 11, 18, 2015

FICTITIOUS BUSINESS NAME STATEMENT File No. 2015-168393

The following person(s) is (are) doing business as: WESTERN NAILS AND SPA, 316 N. WESTERN AVE. #B, LA, CA 90004. Full name of registrant(s) is (are) TIFFANY LE, 316 N. WESTERN AVE. #B, SAN PEDRO, CA 90732. This Business is conducted by: AN INDIVIDUAL. Signed: TIFFANY LE. This statement was filed with the County Clerk of Los Angeles County on 06/25/2015. The registrant(s) has (have) commenced to transact business under the fictitious business name or names listed above on N/A. NOTICE- This Fictitious Name Statement expires five years from the date it was filed in the office of the County Clerk. A new Fictitious Business Name Statement must be filed prior to that date. The filing of this statement does not of itself authorize the use in this state of a Fictitious Business Name in violation of the rights of another under Federal, State, or common law (See section 14411 et seq., Business and Professions Code)Publish: Mountain Views News

Dates Pub: June 27, July 04, 11, 18, 2015

FILE NO. 2015-167179 STATEMENT OF ABANDONMENT OF USE OF FICTITIOUS BUSINESS NAME

The following person(s) EDUARDO CRUZ, 1725 HICKORY AVE., TORRANCE, CA 90503, EDSON E. CRUZ, 1725 HICKORY AVE., TORRANCE, CA 90503, has/have abandoned the use of the fictitious business name: EXCELLENT CARE, 1725 HICKORY AVE., TORRANCE, CA 90503. The fictitious business name referred to above was filed on 07/13/2011, in the county of Los Angeles. The original file number of 20110082997. The business was conducted by: A GENERAL PARTNERSHIP. This statement was filed with the County Clerk of Los Angeles County on 06/24/2015. I declare that all information in this statement is true and correct. (A registrant who declares as true information which he or she knows to be false, is guilty of a crime.) SIGNED: EDUARDO CRUZ/PARTNER.

Publish. Mountain Views News Dates Pub: June 27, July 04, 11, 18, 2015

FILE NO. 2015-168079 STATEMENT OF ABANDONMENT OF USE OF FICTITIOUS BUSINESS NAME

The following person(s) LATIFE RIZKALLAH ELREDA, 4845 FLORENCE AVE. #103, BELL, CA 90201, has/have abandoned the use of the fictitious business name: FATIMA'S MEAT MARKET, 4846 FLORENCE AVE. #103, BELL, CA 90201. The fictitious business name referred to above was filed on 09/12/2011, in the county of Los Angeles. The original file number of 20110099652. The business was conducted by: AN INDIVIDUAL. This statement was filed with the County Clerk of Los Angeles County on 06/25/2015. I declare that all information in this statement is true and correct. (A registrant who declares as true information which he or she knows to be false, is guilty of a crime.) SIGNED: LATIFE RIZKALLAH ELREDA/OWNER.

Publish. Mountain Views News Dates Pub: June 27, July 04, 11, 18, 2015

FILE NO. 2015-165837 STATEMENT OF ABANDONMENT OF USE OF FICTITIOUS BUSINESS NAME

The following person(s) MARCO GARCIA, 811 S. FAIRVIEW #F2, SANTA ANA, CA 92704, RUBEN MENA CASTRO, 811 S. FAIRVIEW ST. #F2, SANTA ANA, CA 92704, has/have abandoned the use of the fictitious business name: MARIO GARCIA MUSIC, 811 S. FAIRVIEW ST. #F2, SANTA ANA, CA 92704. The fictitious business name referred to above was filed on 10/03/2010, in the county of Los Angeles. The original file number of 20100120069. The business was conducted by: A GENERAL PARTNERSHIP. This statement was filed with the County Clerk of Los Angeles County on 06/23/2015. I declare that all information in this statement is true and correct. (A registrant who declares as true information which he or she knows to be false, is guilty of a crime.) SIGNED: MARCO GARCIA/PARTNER.

Publish. Mountain Views News Dates Pub: June 27, July 04, 11, 18, 2015

FICTITIOUS BUSINESS NAME STATEMENT File No. 2015-158943

The following person(s) is (are) doing business as: 4 STARS CREATIONS, 407 E. PICO BLVD. UNIT 403, L.A., CA 90015. Full name of registrant(s) is (are) TANIA AVILA, 1014 E. 27TH ST., L.A., CA 90011. This Business is conducted by: AN INDIVIDUAL. Signed: TANIA AVILA. This statement was filed with the County Clerk of Los Angeles County on 06/12/2015. The registrant(s) has (have) commenced to transact business under the fictitious business name or names listed above on N/A. NOTICE- This Fictitious Name Statement expires five years from the date it was filed in the office of the County Clerk. A new Fictitious Business Name Statement must be filed prior to that date. The filing of this statement does not of itself authorize the use in this state of a Fictitious Business Name in violation of the rights of another under Federal, State, or common law (See section 14411 et seq., Business and Professions Code)Publish: Mountain Views News

Dates Pub: June 20, 27, July 04, 11, 2015

FICTITIOUS BUSINESS NAME STATEMENT File No. 2015-157145

The following person(s) is (are) doing business as: AAA SOLUTIONS, 15002-A HALLBURTON RD. #811, HACIENDA HTS, CA 91745. Full name of registrant(s) is (are) JIMMY VICTORIA, 15002-A HALLBURTON RD. #811, HACIENDA HTS, CA 91745. This Business is conducted by: AN INDIVIDUAL. Signed: JIMMY VICTORIA. This statement was filed with the County Clerk of Los Angeles County on 06/12/2015. The registrant(s) has (have) commenced to transact business under the fictitious business name or names listed above on N/A. NOTICE- This Fictitious Name Statement expires five years from the date it was filed in the office of the County Clerk.

Dates Pub: June 20, 27, July 04, 11, 2015

Name Statement expires five years from the date it was filed in the office of the County Clerk. A new Fictitious Business Name Statement must be filed prior to that date. The filing of this statement does not of itself authorize the use in this state of a Fictitious Business Name in violation of the rights of another under Federal, State, or common law (See section 14411 et seq., Business and Professions Code)Publish: Mountain Views News Dates Pub: June 20, 27, July 04, 11, 2015

FICTITIOUS BUSINESS NAME STATEMENT File No. 2015-161206

The following person(s) is (are) doing business as: ANGEL'S BASIC SUPPLY, 761 WOODWORTH AVE., LA PUENTE, CA 91744. Full name of registrant(s) is (are) VICTOR JESUS GUTIERREZ MEJIA, 761 WOODWORTH AVE., LA PUENTE, CA 91744. This Business is conducted by: AN INDIVIDUAL. Signed: VICTOR JESUS GUTIERREZ MEJIA. This statement was filed with the County Clerk of Los Angeles County on 06/16/2015. The registrant(s) has (have) commenced to transact business under the fictitious business name or names listed above on N/A. NOTICE- This Fictitious Name Statement expires five years from the date it was filed in the office of the County Clerk. A new Fictitious Business Name Statement must be filed prior to that date. The filing of this statement does not of itself authorize the use in this state of a Fictitious Business Name in violation of the rights of another under Federal, State, or common law (See section 14411 et seq., Business and Professions Code)Publish: Mountain Views News

Dates Pub: June 20, 27, July 04, 11, 2015

FICTITIOUS BUSINESS NAME STATEMENT File No. 2015-158033

The following person(s) is (are) doing business as: ASSOCIATE SERVICES, 1221 OAKHILL AVE. #E, LONG BEACH, CA 90804. Full name of registrant(s) is (are) KYLE BILL ASSOCIATE, 1221 OAKHILL AVE. #E, LONG BEACH, CA 90804. This Business is conducted by: AN INDIVIDUAL. Signed: KYLE BILL ASSOCIATE. This statement was filed with the County Clerk of Los Angeles County on 06/12/2015. The registrant(s) has (have) commenced to transact business under the fictitious business name or names listed above on N/A. NOTICE- This Fictitious Name Statement expires five years from the date it was filed in the office of the County Clerk. A new Fictitious Business Name Statement must be filed prior to that date. The filing of this statement does not of itself authorize the use in this state of a Fictitious Business Name in violation of the rights of another under Federal, State, or common law (See section 14411 et seq., Business and Professions Code)Publish: Mountain Views News

Dates Pub: June 20, 27, July 04, 11, 2015

FICTITIOUS BUSINESS NAME STATEMENT File No. 2015-160979

The following person(s) is (are) doing business as: BEST BRIDAL, BEST WISHES BED, 9041 CENTRAL AVE. #B, MONTCLAIR, CA 91763. Full name of registrant(s) is (are) POWER SELLER PRODUCTS, INC. This Business is conducted by: A CORPORATION. Signed: CALVIN CHEN. This statement was filed with the County Clerk of Los Angeles County on 06/16/2015. The registrant(s) has (have) commenced to transact business under the fictitious business name or names listed above on N/A. NOTICE- This Fictitious Name Statement expires five years from the date it was filed in the office of the County Clerk. A new Fictitious Business Name Statement must be filed prior to that date. The filing of this statement does not of itself authorize the use in this state of a Fictitious Business Name in violation of the rights of another under Federal, State, or common law (See section 14411 et seq., Business and Professions Code)Publish: Mountain Views News

Dates Pub: June 20, 27, July 04, 11, 2015

FICTITIOUS BUSINESS NAME STATEMENT File No. 2015-156339

The following person(s) is (are) doing business as: BARBER SHOP FAMILY CLASSIC, 2960 W. BEVERLY BLVD., MONTEBELLO, CA 90640. Full name of registrant(s) is (are) MARIA HERNANDEZ GOYA, 2960 W. BEVERLY BLVD., MONTEBELLO, CA 90640. This Business is conducted by: AN INDIVIDUAL. Signed: MARIA HERNANDEZ GOYA. This statement was filed with the County Clerk of Los Angeles County on 06/10/2015. The registrant(s) has (have) commenced to transact business under the fictitious business name or names listed above on N/A. NOTICE- This Fictitious Name Statement expires five years from the date it was filed in the office of the County Clerk. A new Fictitious Business Name Statement must be filed prior to that date. The filing of this statement does not of itself authorize the use in this state of a Fictitious Business Name in violation of the rights of another under Federal, State, or common law (See section 14411 et seq., Business and Professions Code)Publish: Mountain Views News

Dates Pub: June 20, 27, July 04, 11, 2015

FICTITIOUS BUSINESS NAME STATEMENT File No. 2015-160291

The following person(s) is (are) doing business as: BUKKIEPOT, 2113 S. GRANDVIEW LN., WEST COVINA, CA 91792. Full name of registrant(s) is (are) JAMES DAVIS, 2113 S. GRANDVIEW LN., WEST COVINA, CA 91792. This Business is conducted by: AN INDIVIDUAL. Signed: JAMES DAVIS. This statement was filed with the County Clerk of Los Angeles County on 06/16/2015. The registrant(s) has (have) commenced to transact business under the fictitious business name or names listed above on N/A. NOTICE- This Fictitious Name Statement expires five years from the date it was filed in the office of the County Clerk. A new Fictitious Business Name Statement must be filed prior to that date. The filing of this statement does not of itself authorize the use in this state of a Fictitious Business Name in violation of the rights of another under Federal, State, or common law (See section 14411 et seq., Business and Professions Code)Publish: Mountain Views News

Dates Pub: June 20, 27, July 04, 11, 2015

FICTITIOUS BUSINESS NAME STATEMENT File No. 2015-159818

The following person(s) is (are) doing business as: CA DRAPERY STUDIO, 813 E. WASHINGTON BLVD., COMMERCE, CA 90040. Full name of registrant(s) is (are) EIDDA MARCELA ALVAREZ, 4813 E. WASHINGTON BLVD., COMMERCE, CA 90040, NOEL PUERTO NOEL CARRANZA, 4813 E. WASHINGTON BLVD., COMMERCE, CA 90040. This Business is conducted by: A GENERAL PARTNERSHIP. Signed: CERLIN NOEL CARRANZA. This statement was filed with the County Clerk of Los Angeles County on 06/15/2015. The registrant(s) has (have) commenced to transact business under the fictitious business name or names listed above on N/A. NOTICE- This Fictitious Name Statement expires five years from the date it was filed in the office of the County Clerk. A new Fictitious Business Name Statement must be filed prior to that date. The filing of this statement does not of itself authorize the use in this state of a Fictitious Business Name in violation of the rights of another under Federal, State, or common law (See section 14411 et seq., Business and Professions Code)Publish: Mountain Views News

Dates Pub: June 20, 27, July 04, 11, 2015

FICTITIOUS BUSINESS NAME STATEMENT File No. 2015-159601

The following person(s) is (are) doing business as: CAPLUS ROASTING COMPANY, 7035 BEQUETTE AVE., WHITTIER, CA 90601. Full name of registrant(s) is (are) BRUCE HALLUM, 7035 BEQUETTE AVE., WHITTIER, CA 90601. This Business is conducted by: AN INDIVIDUAL. Signed: BRUCE HALLUM. This statement was filed with the County Clerk of Los Angeles County on 06/15/2015. The registrant(s) has (have) commenced to transact business under the fictitious business name or names listed above on N/A. NOTICE- This Fictitious Name Statement expires five years from the date it was filed in the office of the County Clerk. A new Fictitious Business Name Statement must be filed prior to that date. The filing of this statement does not of itself authorize the use in this state of a Fictitious Business Name in violation of the rights of another under Federal, State, or common law (See section 14411 et seq., Business and Professions Code)Publish: Mountain Views News

Dates Pub: June 20, 27, July 04, 11, 2015

FICTITIOUS BUSINESS NAME STATEMENT File No. 2015-155891

The following person(s) is (are) doing business as: CENTRO EVANGELISTICO FOURSQUARE CHURCH, 7900 STATE ST., HUNTINGTON PARK, CA 90255. Full name of registrant(s) is (are) INTERNATIONAL CHURCH OF THE FOURSQUARE GOSPEL, 1910 W. SUNSET BLVD. STE 200, L.A., CA 90026. This Business is conducted by: A CORPORATION. Signed: GLENN C. BURRIS JR. This statement was filed with the County Clerk of Los Angeles County on 06/10/2015. The registrant(s) has (have) commenced to transact business under the fictitious business name or names listed above on N/A.

Dates Pub: June 20, 27, July 04, 11, 2015

FICTITIOUS BUSINESS NAME STATEMENT File No. 2015-158476

The following person(s) is (are) doing business as: CP MEDICAL CLINIC, 743 E. VALLEY BLVD. #26, SAN GABRIEL, CA 91776. Full name of registrant(s) is (are) CP MEDICAL HEALTH CORP., 743 E. VALLEY BLVD. #26, SAN GABRIEL, CA 91776. This Business is conducted by: A CORPORATION. Signed: CHARLES PING. This statement was filed with the County Clerk of Los Angeles County on 06/12/2015.

Dates Pub: June 20, 27, July 04, 11, 2015

Mountain Views News	80 W Sierra Madre Blvd. No. 327 Sierra Madre, Ca. 91024 Office: 626.355.2737 Fax: 626.609.3285 Email: editor@mtnviewsnews.com Website: www.mtnviewsnews.com
